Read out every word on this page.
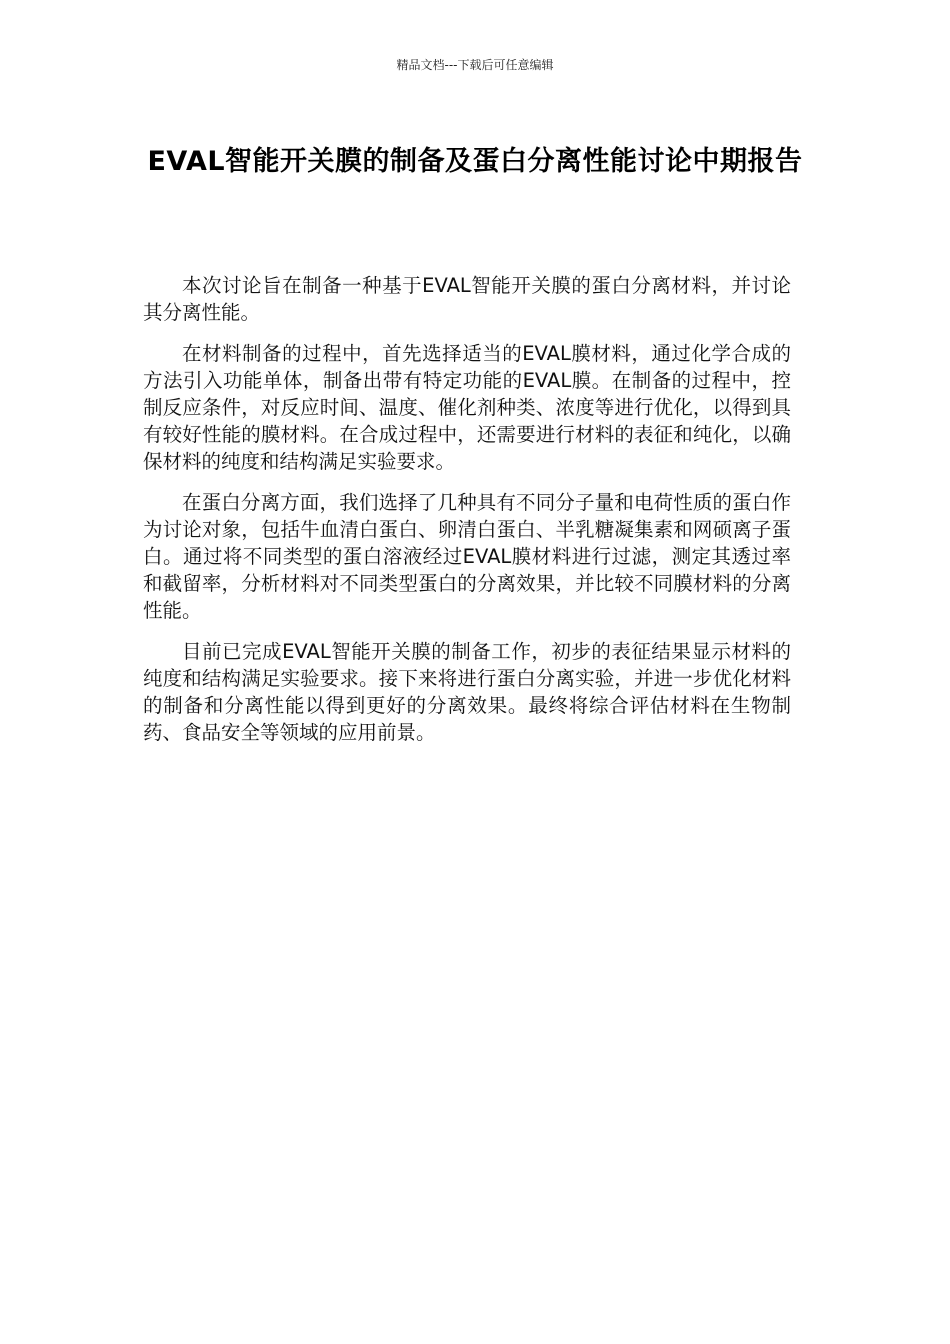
精品文档---下载后可任意编辑
EVAL智能开关膜的制备及蛋白分离性能讨论中期报告

本次讨论旨在制备一种基于EVAL智能开关膜的蛋白分离材料，并讨论其分离性能。

在材料制备的过程中，首先选择适当的EVAL膜材料，通过化学合成的方法引入功能单体，制备出带有特定功能的EVAL膜。在制备的过程中，控制反应条件，对反应时间、温度、催化剂种类、浓度等进行优化，以得到具有较好性能的膜材料。在合成过程中，还需要进行材料的表征和纯化，以确保材料的纯度和结构满足实验要求。

在蛋白分离方面，我们选择了几种具有不同分子量和电荷性质的蛋白作为讨论对象，包括牛血清白蛋白、卵清白蛋白、半乳糖凝集素和网硕离子蛋白。通过将不同类型的蛋白溶液经过EVAL膜材料进行过滤，测定其透过率和截留率，分析材料对不同类型蛋白的分离效果，并比较不同膜材料的分离性能。

目前已完成EVAL智能开关膜的制备工作，初步的表征结果显示材料的纯度和结构满足实验要求。接下来将进行蛋白分离实验，并进一步优化材料的制备和分离性能以得到更好的分离效果。最终将综合评估材料在生物制药、食品安全等领域的应用前景。
